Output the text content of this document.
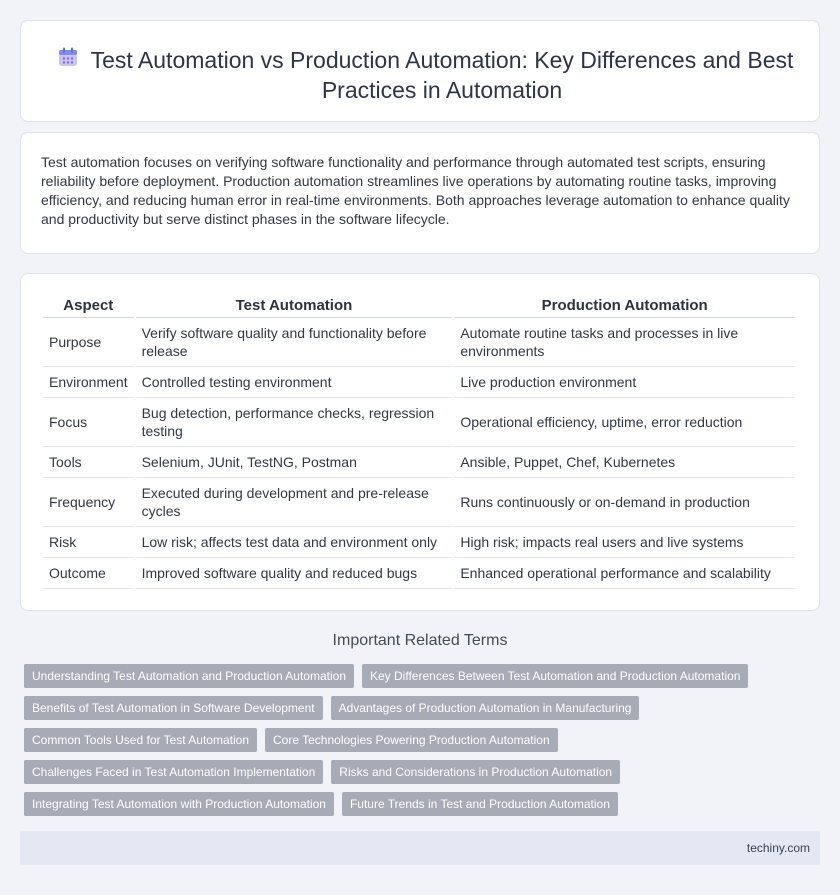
Test Automation vs Production Automation: Key Differences and Best Practices in Automation

Test automation focuses on verifying software functionality and performance through automated test scripts, ensuring reliability before deployment. Production automation streamlines live operations by automating routine tasks, improving efficiency, and reducing human error in real-time environments. Both approaches leverage automation to enhance quality and productivity but serve distinct phases in the software lifecycle.

Aspect	Test Automation	Production Automation
Purpose	Verify software quality and functionality before release	Automate routine tasks and processes in live environments
Environment	Controlled testing environment	Live production environment
Focus	Bug detection, performance checks, regression testing	Operational efficiency, uptime, error reduction
Tools	Selenium, JUnit, TestNG, Postman	Ansible, Puppet, Chef, Kubernetes
Frequency	Executed during development and pre-release cycles	Runs continuously or on-demand in production
Risk	Low risk; affects test data and environment only	High risk; impacts real users and live systems
Outcome	Improved software quality and reduced bugs	Enhanced operational performance and scalability
Important Related Terms
Understanding Test Automation and Production Automation	Key Differences Between Test Automation and Production Automation
Benefits of Test Automation in Software Development	Advantages of Production Automation in Manufacturing
Common Tools Used for Test Automation	Core Technologies Powering Production Automation
Challenges Faced in Test Automation Implementation	Risks and Considerations in Production Automation
Integrating Test Automation with Production Automation	Future Trends in Test and Production Automation
techiny.com
